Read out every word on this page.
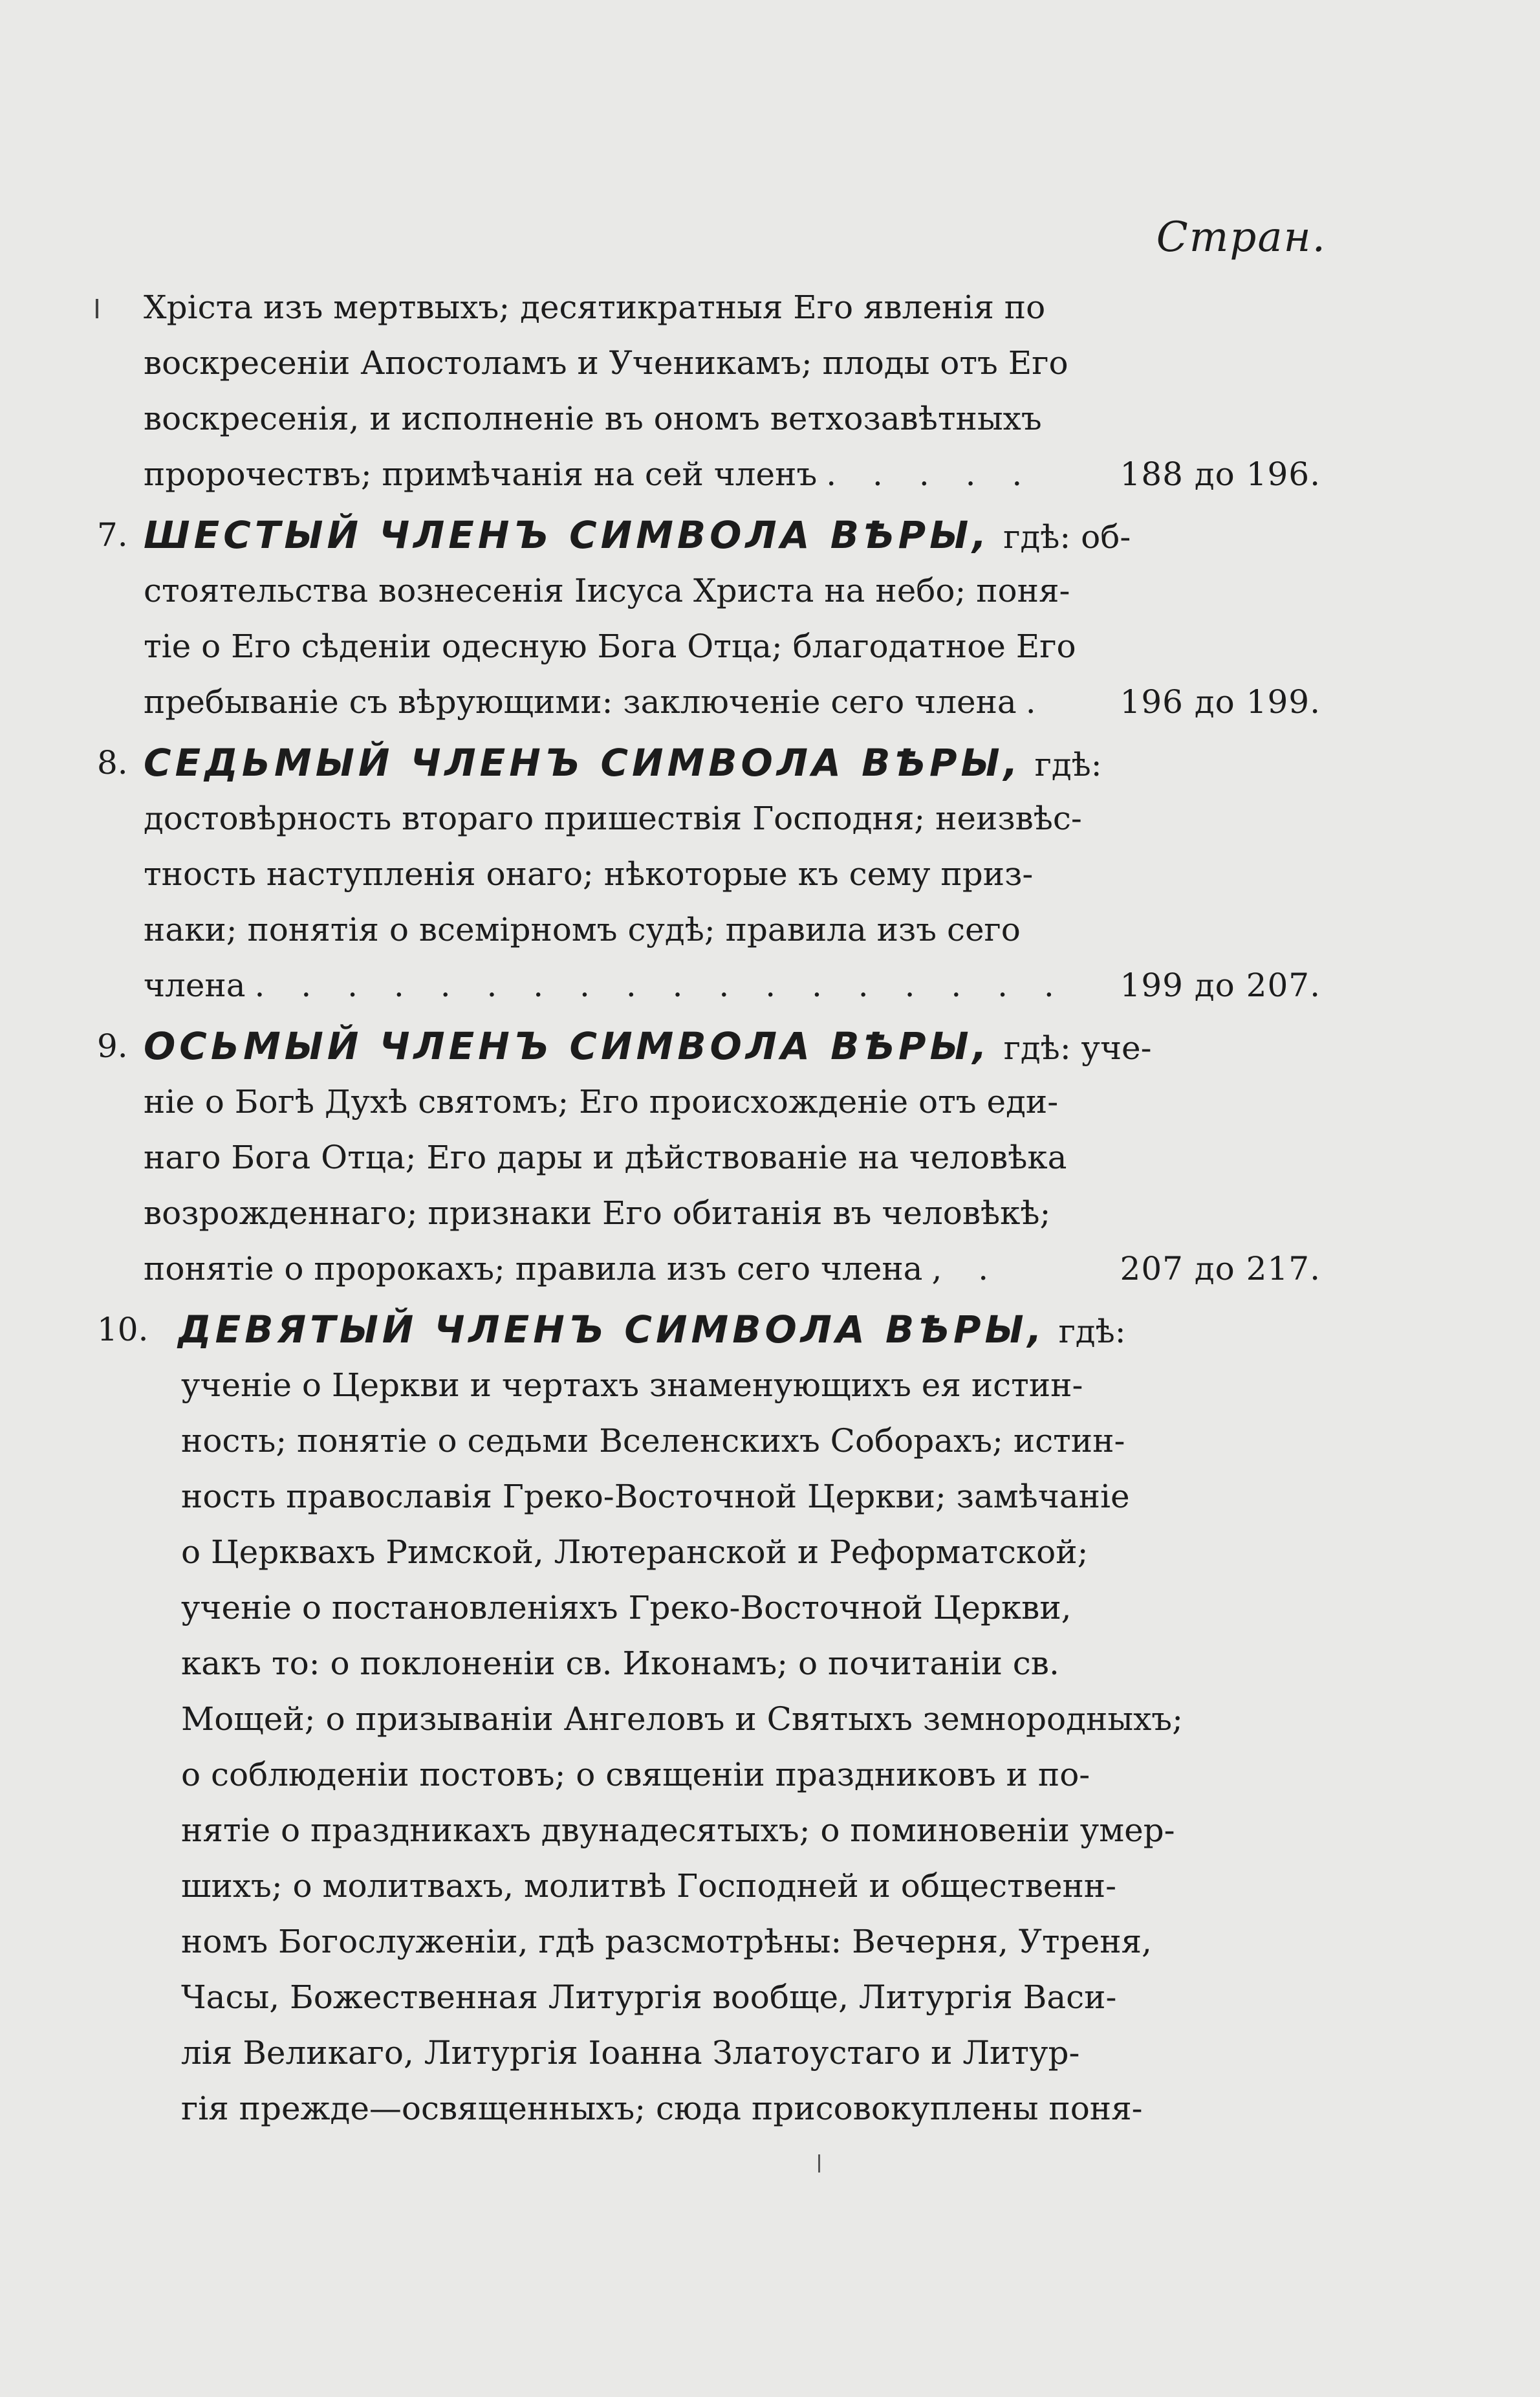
Стран.
Хріста изъ мертвыхъ; десятикратныя Его явленія по
воскресеніи Апостоламъ и Ученикамъ; плоды отъ Его
воскресенія, и исполненіе въ ономъ ветхозавѣтныхъ
пророчествъ; примѣчанія на сей членъ . . . . .	188 до 196.
7. ШЕСТЫЙ ЧЛЕНЪ СИМВОЛА ВѢРЫ, гдѣ: об-
стоятельства вознесенія Іисуса Христа на небо; поня-
тіе о Его сѣденіи одесную Бога Отца; благодатное Его
пребываніе съ вѣрующими: заключеніе сего члена .	196 до 199.
8. СЕДЬМЫЙ ЧЛЕНЪ СИМВОЛА ВѢРЫ, гдѣ:
достовѣрность втораго пришествія Господня; неизвѣс-
тность наступленія онаго; нѣкоторые къ сему приз-
наки; понятія о всемірномъ судѣ; правила изъ сего
члена . . . . . . . . . . . . . . . . . .	199 до 207.
9. ОСЬМЫЙ ЧЛЕНЪ СИМВОЛА ВѢРЫ, гдѣ: уче-
ніе о Богѣ Духѣ святомъ; Его происхожденіе отъ еди-
наго Бога Отца; Его дары и дѣйствованіе на человѣка
возрожденнаго; признаки Его обитанія въ человѣкѣ;
понятіе о пророкахъ; правила изъ сего члена , .	207 до 217.
10. ДЕВЯТЫЙ ЧЛЕНЪ СИМВОЛА ВѢРЫ, гдѣ:
ученіе о Церкви и чертахъ знаменующихъ ея истин-
ность; понятіе о седьми Вселенскихъ Соборахъ; истин-
ность православія Греко-Восточной Церкви; замѣчаніе
о Церквахъ Римской, Лютеранской и Реформатской;
ученіе о постановленіяхъ Греко-Восточной Церкви,
какъ то: о поклоненіи св. Иконамъ; о почитаніи св.
Мощей; о призываніи Ангеловъ и Святыхъ земнородныхъ;
о соблюденіи постовъ; о священіи праздниковъ и по-
нятіе о праздникахъ двунадесятыхъ; о поминовеніи умер-
шихъ; о молитвахъ, молитвѣ Господней и общественн-
номъ Богослуженіи, гдѣ разсмотрѣны: Вечерня, Утреня,
Часы, Божественная Литургія вообще, Литургія Васи-
лія Великаго, Литургія Іоанна Златоустаго и Литур-
гія прежде—освященныхъ; сюда присовокуплены поня-
